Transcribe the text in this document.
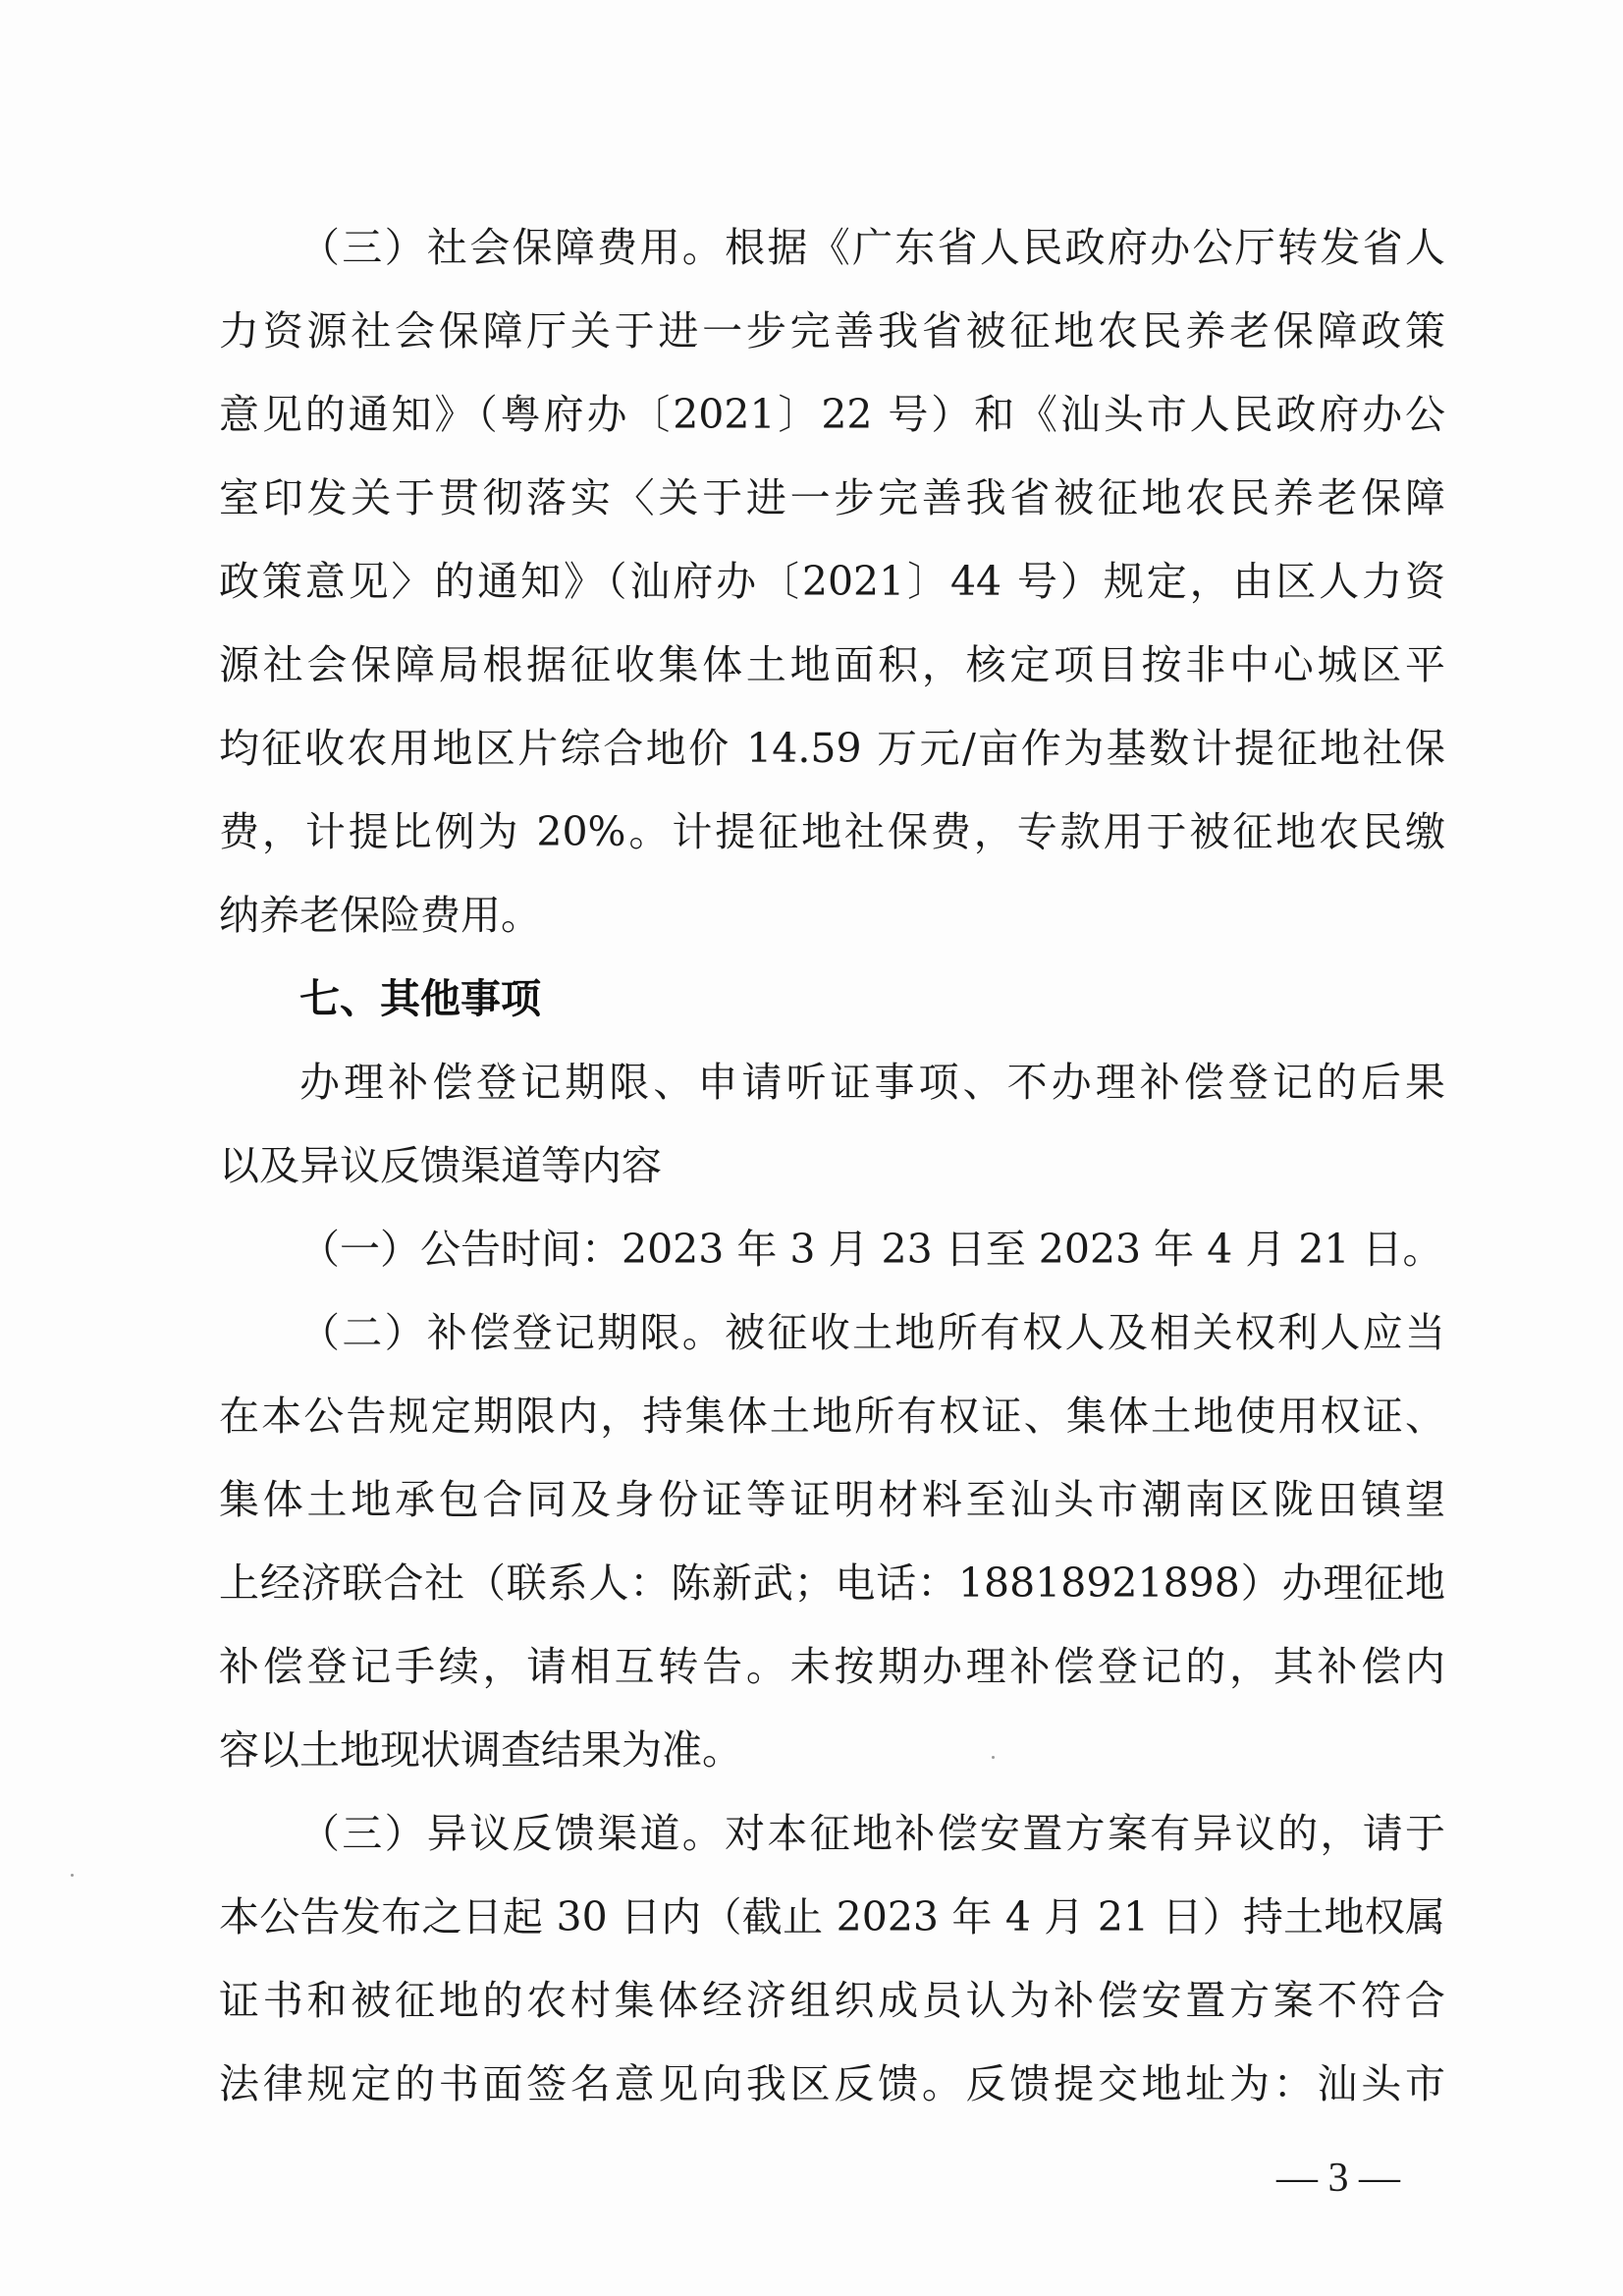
（三）社会保障费用。根据《广东省人民政府办公厅转发省人
力资源社会保障厅关于进一步完善我省被征地农民养老保障政策
意见的通知》（粤府办〔2021〕22 号）和《汕头市人民政府办公
室印发关于贯彻落实〈关于进一步完善我省被征地农民养老保障
政策意见〉的通知》（汕府办〔2021〕44 号）规定，由区人力资
源社会保障局根据征收集体土地面积，核定项目按非中心城区平
均征收农用地区片综合地价 14.59 万元/亩作为基数计提征地社保
费，计提比例为 20%。计提征地社保费，专款用于被征地农民缴
纳养老保险费用。
七、其他事项
办理补偿登记期限、申请听证事项、不办理补偿登记的后果
以及异议反馈渠道等内容
（一）公告时间：2023 年 3 月 23 日至 2023 年 4 月 21 日。
（二）补偿登记期限。被征收土地所有权人及相关权利人应当
在本公告规定期限内，持集体土地所有权证、集体土地使用权证、
集体土地承包合同及身份证等证明材料至汕头市潮南区陇田镇望
上经济联合社（联系人：陈新武；电话：18818921898）办理征地
补偿登记手续，请相互转告。未按期办理补偿登记的，其补偿内
容以土地现状调查结果为准。
（三）异议反馈渠道。对本征地补偿安置方案有异议的，请于
本公告发布之日起 30 日内（截止 2023 年 4 月 21 日）持土地权属
证书和被征地的农村集体经济组织成员认为补偿安置方案不符合
法律规定的书面签名意见向我区反馈。反馈提交地址为：汕头市
— 3 —
